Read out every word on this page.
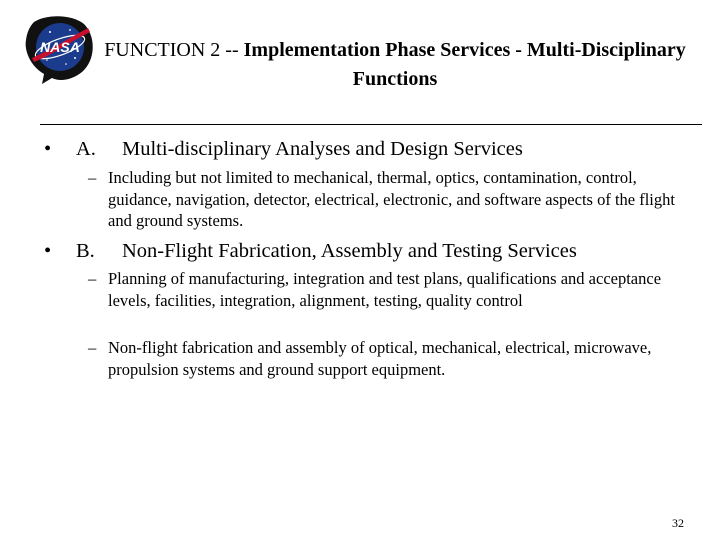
NASA FUNCTION 2 -- Implementation Phase Services - Multi-Disciplinary Functions
• A. Multi-disciplinary Analyses and Design Services
– Including but not limited to mechanical, thermal, optics, contamination, control, guidance, navigation, detector, electrical, electronic, and software aspects of the flight and ground systems.
• B. Non-Flight Fabrication, Assembly and Testing Services
– Planning of manufacturing, integration and test plans, qualifications and acceptance levels, facilities, integration, alignment, testing, quality control
– Non-flight fabrication and assembly of optical, mechanical, electrical, microwave, propulsion systems and ground support equipment.
32
